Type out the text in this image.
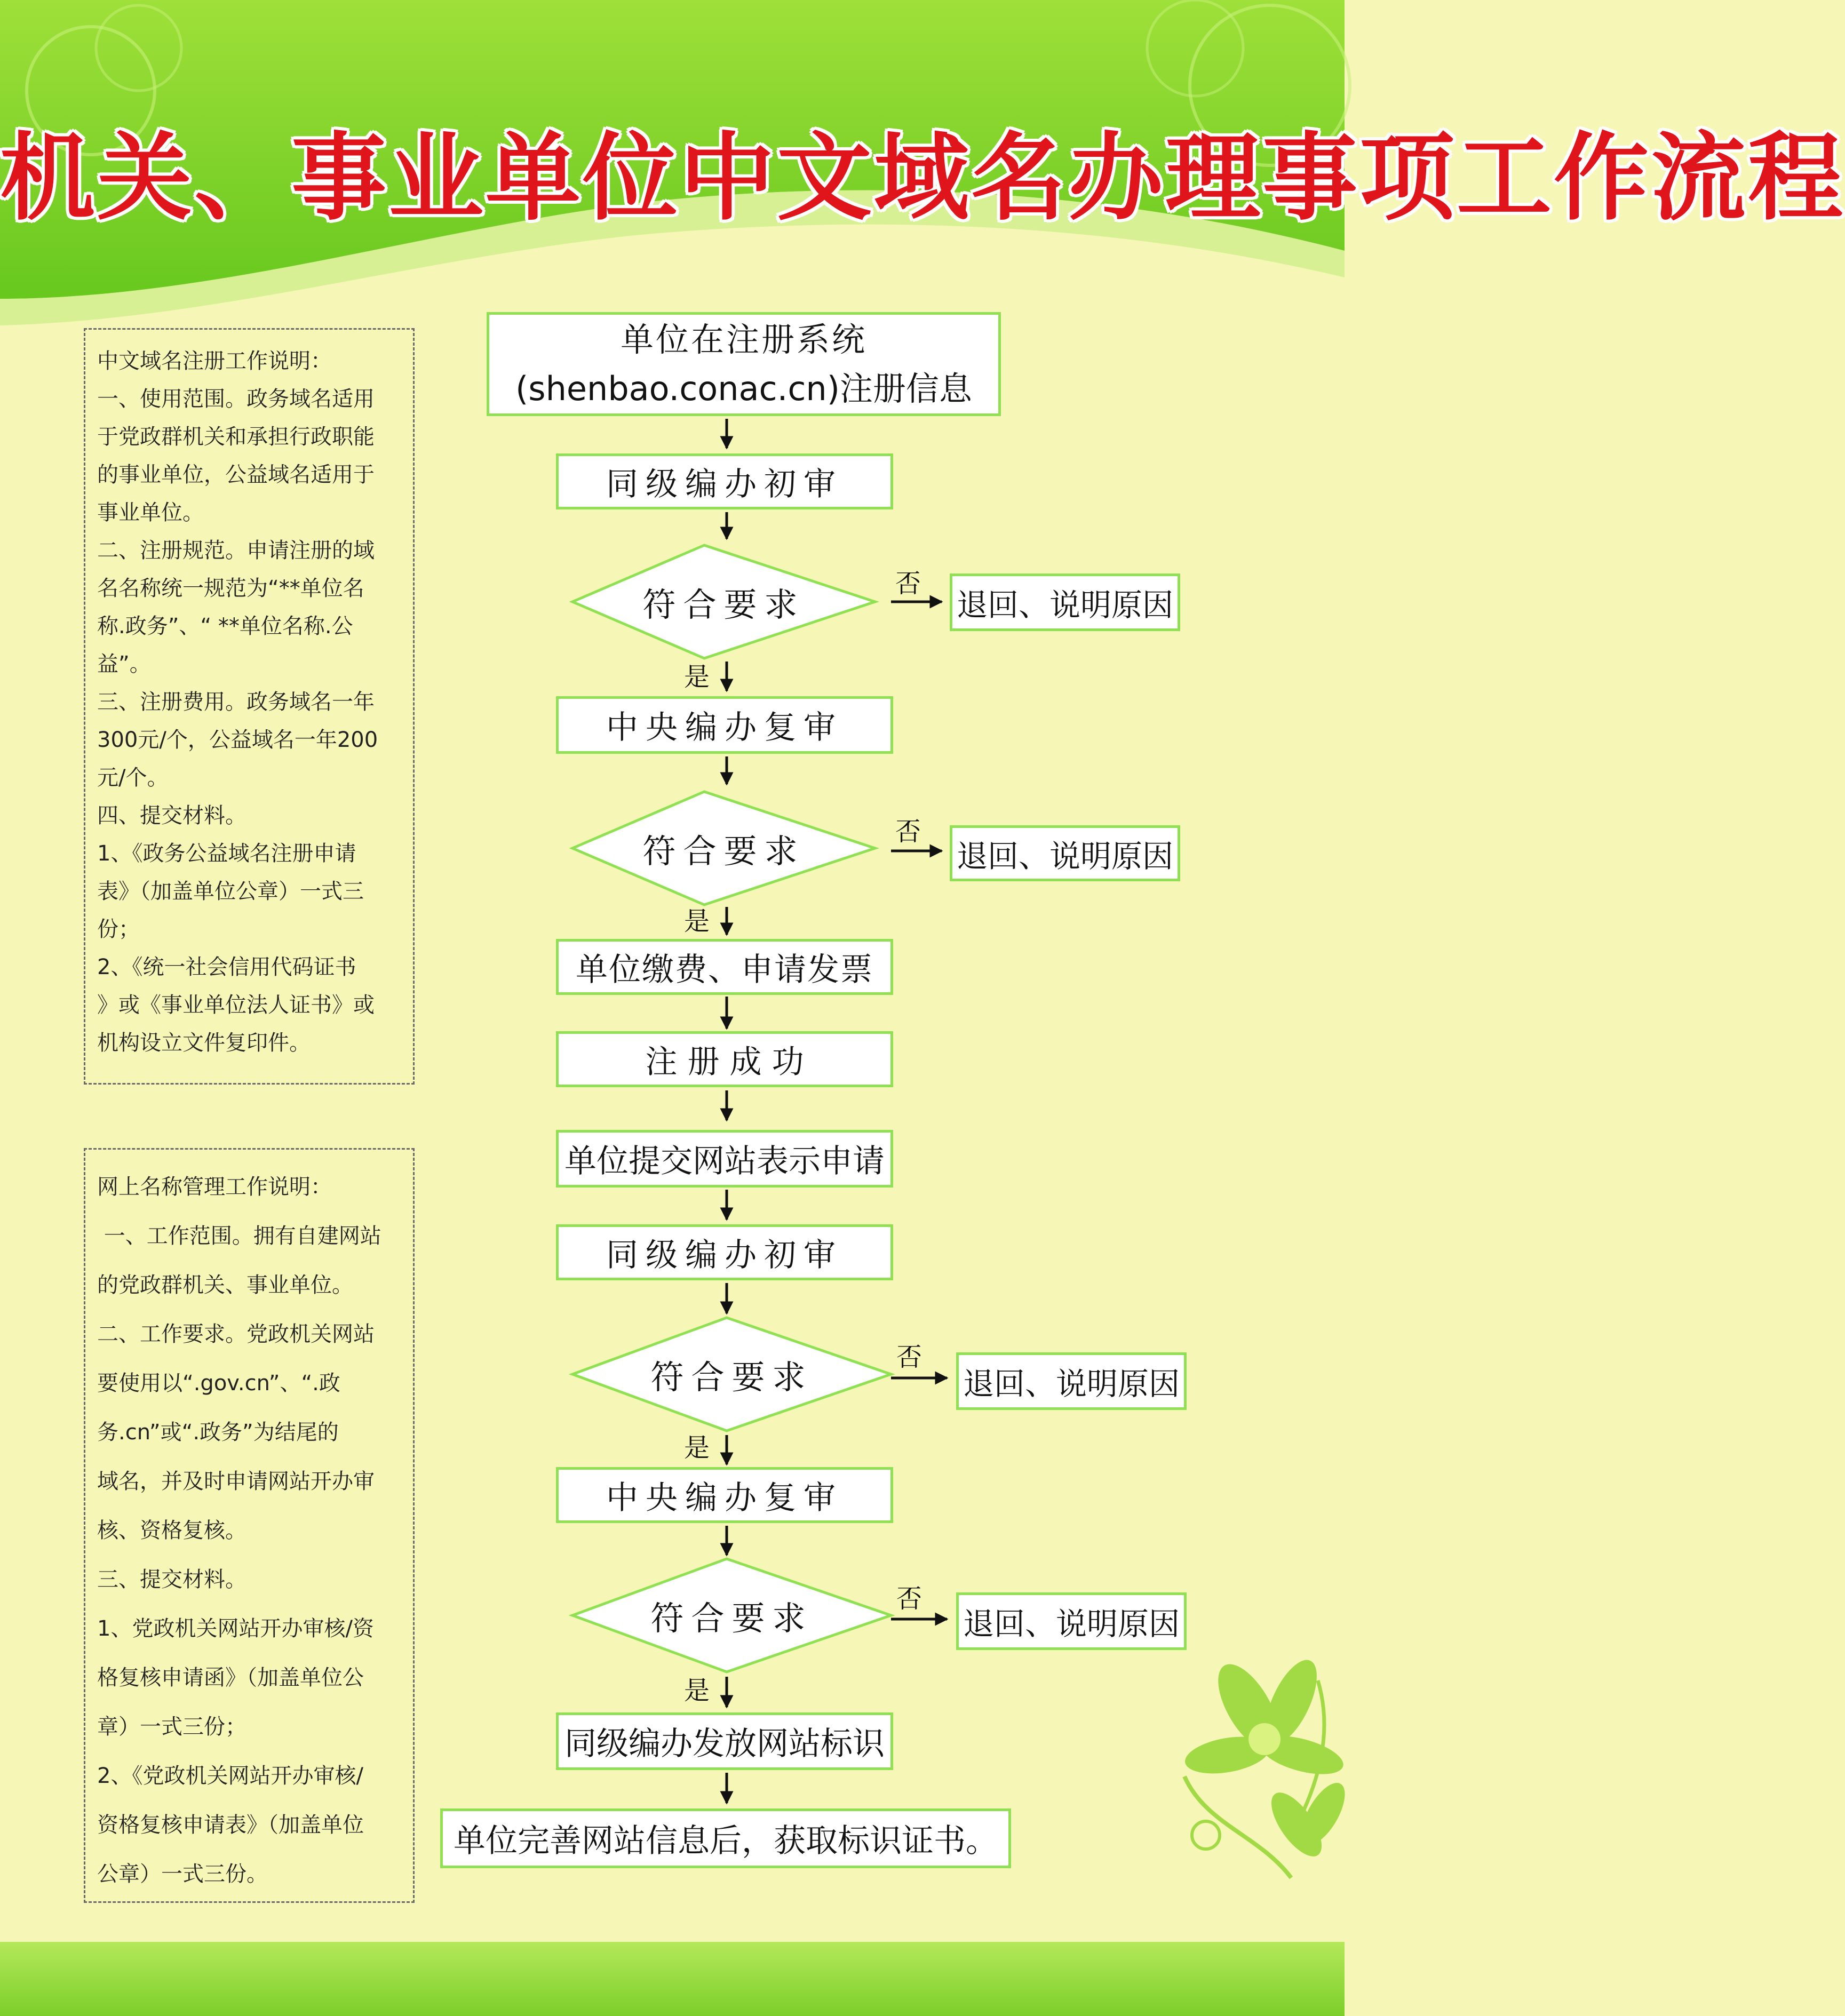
机关、事业单位中文域名办理事项工作流程

中文域名注册工作说明：

一、使用范围。政务域名适用

于党政群机关和承担行政职能

的事业单位，公益域名适用于

事业单位。

二、注册规范。申请注册的域

名名称统一规范为“**单位名

称.政务”、“ **单位名称.公

益”。

三、注册费用。政务域名一年

300元/个，公益域名一年200

元/个。

四、提交材料。

1、《政务公益域名注册申请

表》（加盖单位公章）一式三

份；

2、《统一社会信用代码证书

》或《事业单位法人证书》或

机构设立文件复印件。

网上名称管理工作说明：

一、工作范围。拥有自建网站

的党政群机关、事业单位。

二、工作要求。党政机关网站

要使用以“.gov.cn”、“.政

务.cn”或“.政务”为结尾的

域名，并及时申请网站开办审

核、资格复核。

三、提交材料。

1、党政机关网站开办审核/资

格复核申请函》（加盖单位公

章）一式三份；

2、《党政机关网站开办审核/

资格复核申请表》（加盖单位

公章）一式三份。

单位在注册系统
(shenbao.conac.cn)注册信息
同级编办初审
符合要求
否
退回、说明原因
是
中央编办复审
符合要求	否
退回、说明原因
是
单位缴费、申请发票
注 册 成 功
单位提交网站表示申请
同级编办初审
符合要求
否
退回、说明原因
是
中央编办复审
符合要求	否
退回、说明原因
是
同级编办发放网站标识
单位完善网站信息后，获取标识证书。
